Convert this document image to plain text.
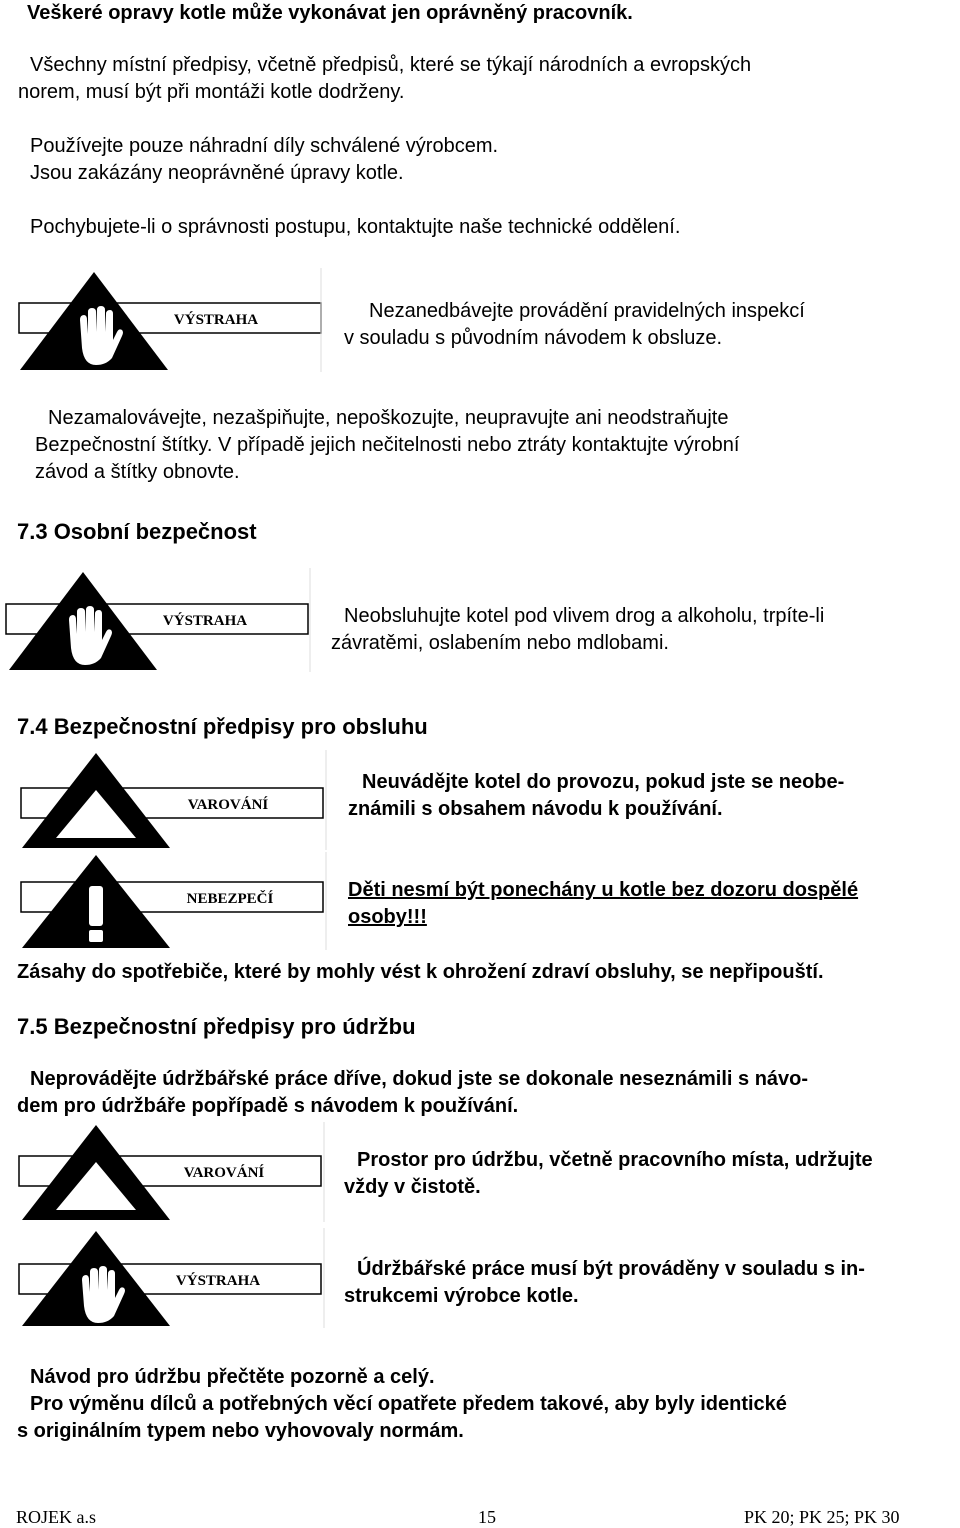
Veškeré opravy kotle může vykonávat jen oprávněný pracovník.
Všechny místní předpisy, včetně předpisů, které se týkají národních a evropských
norem, musí být při montáži kotle dodrženy.
Používejte pouze náhradní díly schválené výrobcem.
Jsou zakázány neoprávněné úpravy kotle.
Pochybujete-li o správnosti postupu, kontaktujte naše technické oddělení.
VÝSTRAHA	Nezanedbávejte provádění pravidelných inspekcí
v souladu s původním návodem k obsluze.
Nezamalovávejte, nezašpiňujte, nepoškozujte, neupravujte ani neodstraňujte
Bezpečnostní štítky. V případě jejich nečitelnosti nebo ztráty kontaktujte výrobní
závod a štítky obnovte.
7.3 Osobní bezpečnost
VÝSTRAHA	Neobsluhujte kotel pod vlivem drog a alkoholu, trpíte-li
závratěmi, oslabením nebo mdlobami.
7.4 Bezpečnostní předpisy pro obsluhu
VAROVÁNÍ
Neuvádějte kotel do provozu, pokud jste se neobe-
známili s obsahem návodu k používání.
NEBEZPEČÍ	Děti nesmí být ponechány u kotle bez dozoru dospělé
osoby!!!
Zásahy do spotřebiče, které by mohly vést k ohrožení zdraví obsluhy, se nepřipouští.
7.5 Bezpečnostní předpisy pro údržbu
Neprovádějte údržbářské práce dříve, dokud jste se dokonale neseznámili s návo-
dem pro údržbáře popřípadě s návodem k používání.
VAROVÁNÍ
Prostor pro údržbu, včetně pracovního místa, udržujte
vždy v čistotě.
VÝSTRAHA
Údržbářské práce musí být prováděny v souladu s in-
strukcemi výrobce kotle.
Návod pro údržbu přečtěte pozorně a celý.
Pro výměnu dílců a potřebných věcí opatřete předem takové, aby byly identické
s originálním typem nebo vyhovovaly normám.
ROJEK a.s	15	PK 20; PK 25; PK 30
